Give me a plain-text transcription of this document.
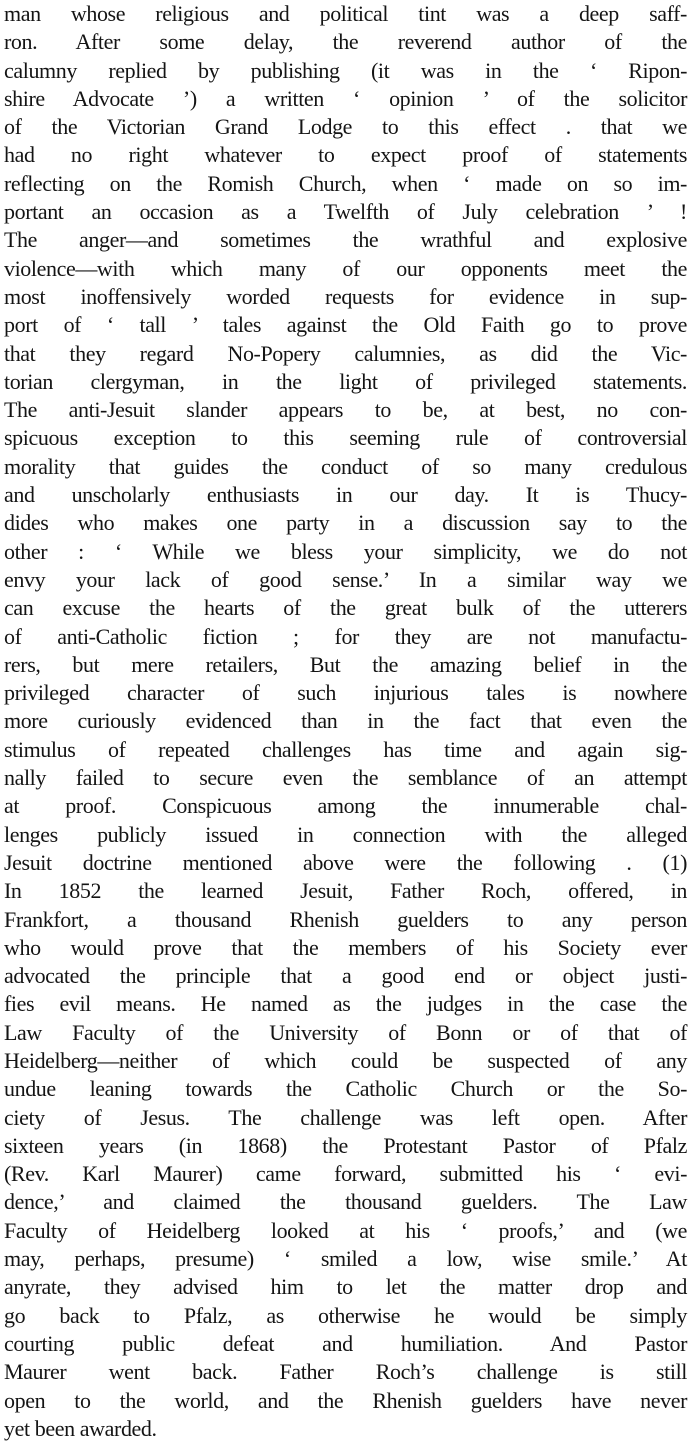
man whose religious and political tint was a deep saff-
ron. After some delay, the reverend author of the
calumny replied by publishing (it was in the ‘ Ripon-
shire Advocate ’) a written ‘ opinion ’ of the solicitor
of the Victorian Grand Lodge to this effect . that we
had no right whatever to expect proof of statements
reflecting on the Romish Church, when ‘ made on so im-
portant an occasion as a Twelfth of July celebration ’ !
The anger—and sometimes the wrathful and explosive
violence—with which many of our opponents meet the
most inoffensively worded requests for evidence in sup-
port of ‘ tall ’ tales against the Old Faith go to prove
that they regard No-Popery calumnies, as did the Vic-
torian clergyman, in the light of privileged statements.
The anti-Jesuit slander appears to be, at best, no con-
spicuous exception to this seeming rule of controversial
morality that guides the conduct of so many credulous
and unscholarly enthusiasts in our day. It is Thucy-
dides who makes one party in a discussion say to the
other : ‘ While we bless your simplicity, we do not
envy your lack of good sense.’ In a similar way we
can excuse the hearts of the great bulk of the utterers
of anti-Catholic fiction ; for they are not manufactu-
rers, but mere retailers, But the amazing belief in the
privileged character of such injurious tales is nowhere
more curiously evidenced than in the fact that even the
stimulus of repeated challenges has time and again sig-
nally failed to secure even the semblance of an attempt
at proof. Conspicuous among the innumerable chal-
lenges publicly issued in connection with the alleged
Jesuit doctrine mentioned above were the following . (1)
In 1852 the learned Jesuit, Father Roch, offered, in
Frankfort, a thousand Rhenish guelders to any person
who would prove that the members of his Society ever
advocated the principle that a good end or object justi-
fies evil means. He named as the judges in the case the
Law Faculty of the University of Bonn or of that of
Heidelberg—neither of which could be suspected of any
undue leaning towards the Catholic Church or the So-
ciety of Jesus. The challenge was left open. After
sixteen years (in 1868) the Protestant Pastor of Pfalz
(Rev. Karl Maurer) came forward, submitted his ‘ evi-
dence,’ and claimed the thousand guelders. The Law
Faculty of Heidelberg looked at his ‘ proofs,’ and (we
may, perhaps, presume) ‘ smiled a low, wise smile.’ At
anyrate, they advised him to let the matter drop and
go back to Pfalz, as otherwise he would be simply
courting public defeat and humiliation. And Pastor
Maurer went back. Father Roch’s challenge is still
open to the world, and the Rhenish guelders have never
yet been awarded.
